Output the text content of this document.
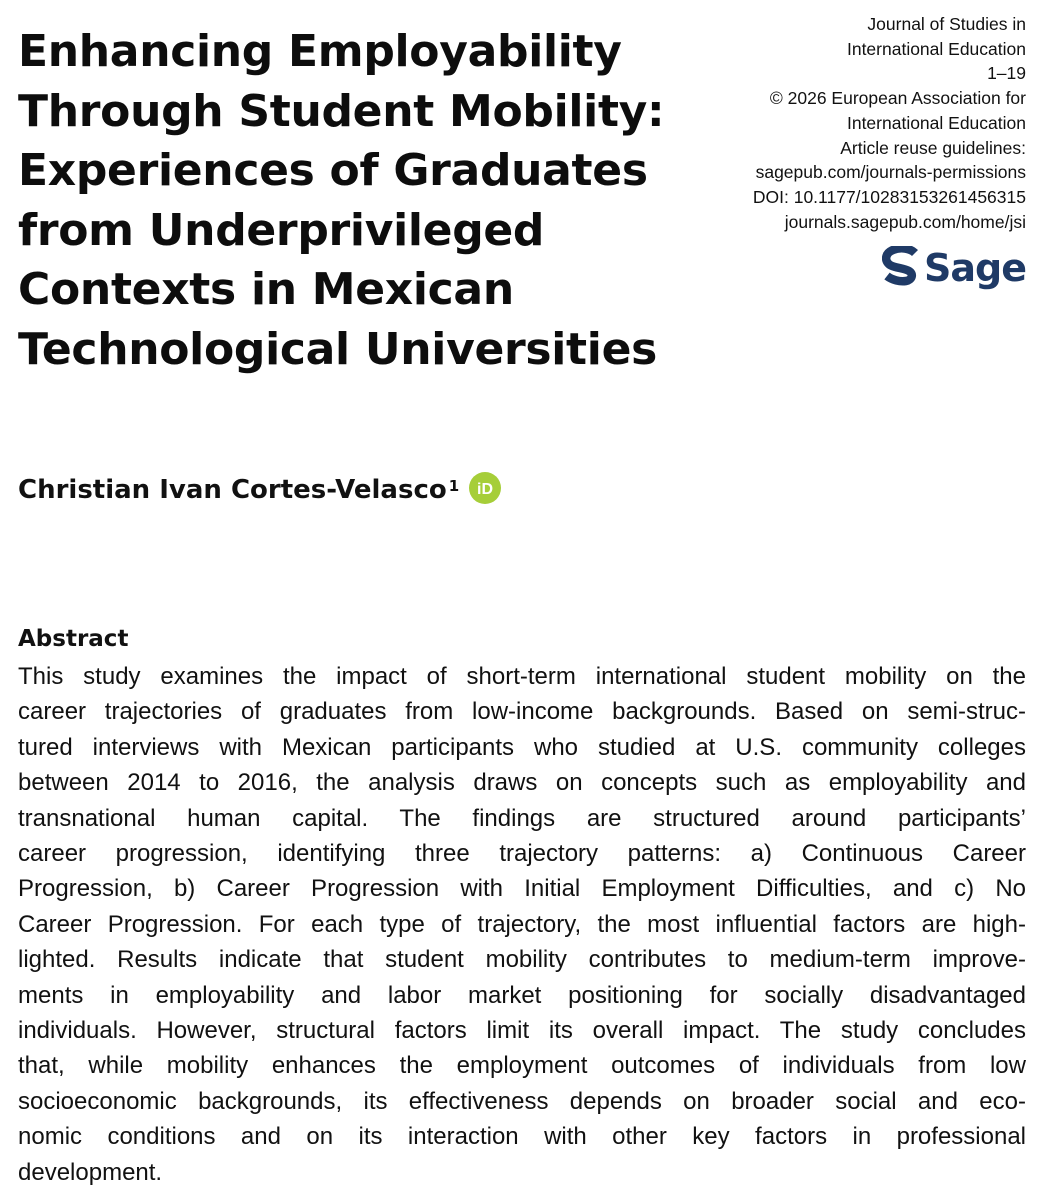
Enhancing Employability
Through Student Mobility:
Experiences of Graduates
from Underprivileged
Contexts in Mexican
Technological Universities
Journal of Studies in
International Education
1–19
© 2026 European Association for
International Education
Article reuse guidelines:
sagepub.com/journals-permissions
DOI: 10.1177/10283153261456315
journals.sagepub.com/home/jsi
Sage
Christian Ivan Cortes-Velasco$^1$ iD
Abstract
This study examines the impact of short-term international student mobility on the
career trajectories of graduates from low-income backgrounds. Based on semi-struc-
tured interviews with Mexican participants who studied at U.S. community colleges
between 2014 to 2016, the analysis draws on concepts such as employability and
transnational human capital. The findings are structured around participants’
career progression, identifying three trajectory patterns: a) Continuous Career
Progression, b) Career Progression with Initial Employment Difficulties, and c) No
Career Progression. For each type of trajectory, the most influential factors are high-
lighted. Results indicate that student mobility contributes to medium-term improve-
ments in employability and labor market positioning for socially disadvantaged
individuals. However, structural factors limit its overall impact. The study concludes
that, while mobility enhances the employment outcomes of individuals from low
socioeconomic backgrounds, its effectiveness depends on broader social and eco-
nomic conditions and on its interaction with other key factors in professional
development.
